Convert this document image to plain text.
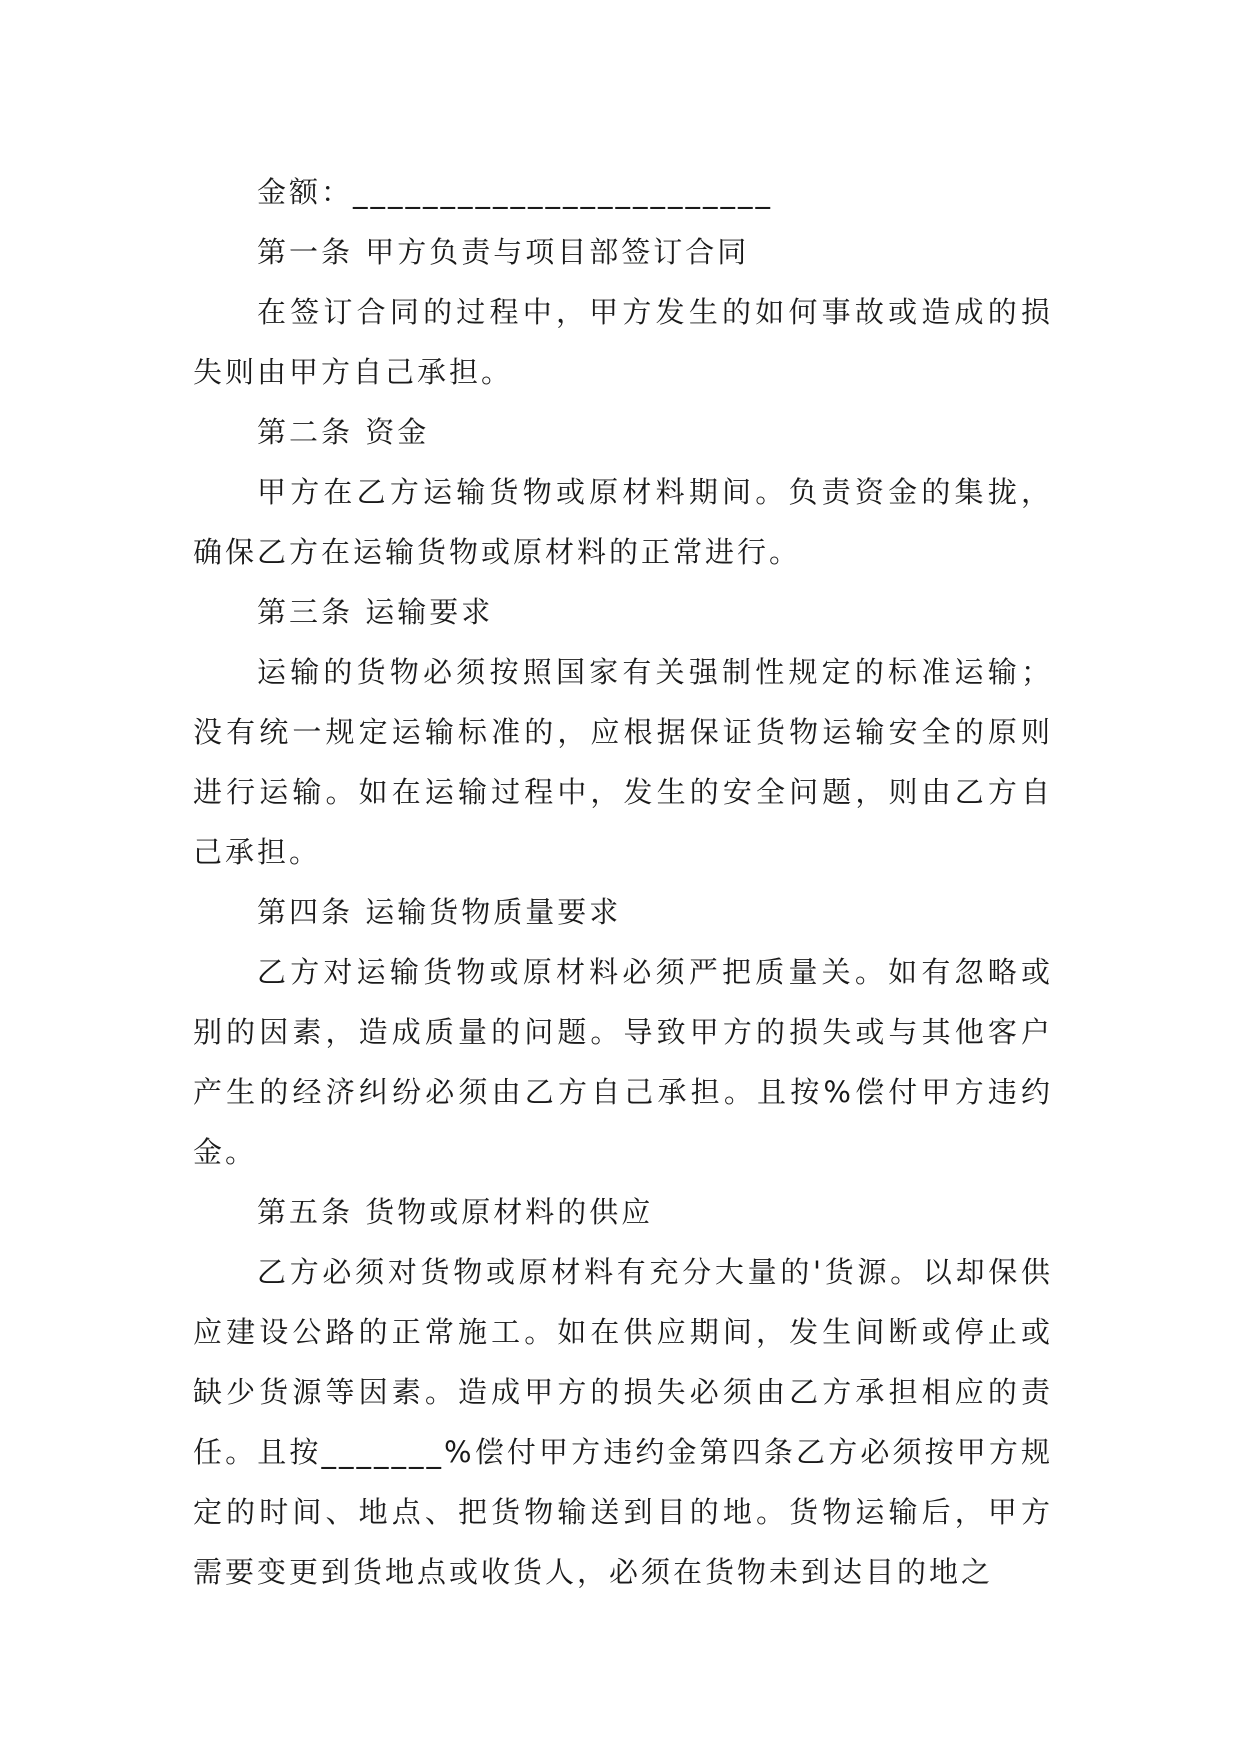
金额：________________________

第一条 甲方负责与项目部签订合同

在签订合同的过程中，甲方发生的如何事故或造成的损失则由甲方自己承担。

第二条 资金

甲方在乙方运输货物或原材料期间。负责资金的集拢，确保乙方在运输货物或原材料的正常进行。

第三条 运输要求

运输的货物必须按照国家有关强制性规定的标准运输；没有统一规定运输标准的，应根据保证货物运输安全的原则进行运输。如在运输过程中，发生的安全问题，则由乙方自己承担。

第四条 运输货物质量要求

乙方对运输货物或原材料必须严把质量关。如有忽略或别的因素，造成质量的问题。导致甲方的损失或与其他客户产生的经济纠纷必须由乙方自己承担。且按%偿付甲方违约金。

第五条 货物或原材料的供应

乙方必须对货物或原材料有充分大量的'货源。以却保供应建设公路的正常施工。如在供应期间，发生间断或停止或缺少货源等因素。造成甲方的损失必须由乙方承担相应的责任。且按_______%偿付甲方违约金第四条乙方必须按甲方规定的时间、地点、把货物输送到目的地。货物运输后，甲方需要变更到货地点或收货人，必须在货物未到达目的地之
